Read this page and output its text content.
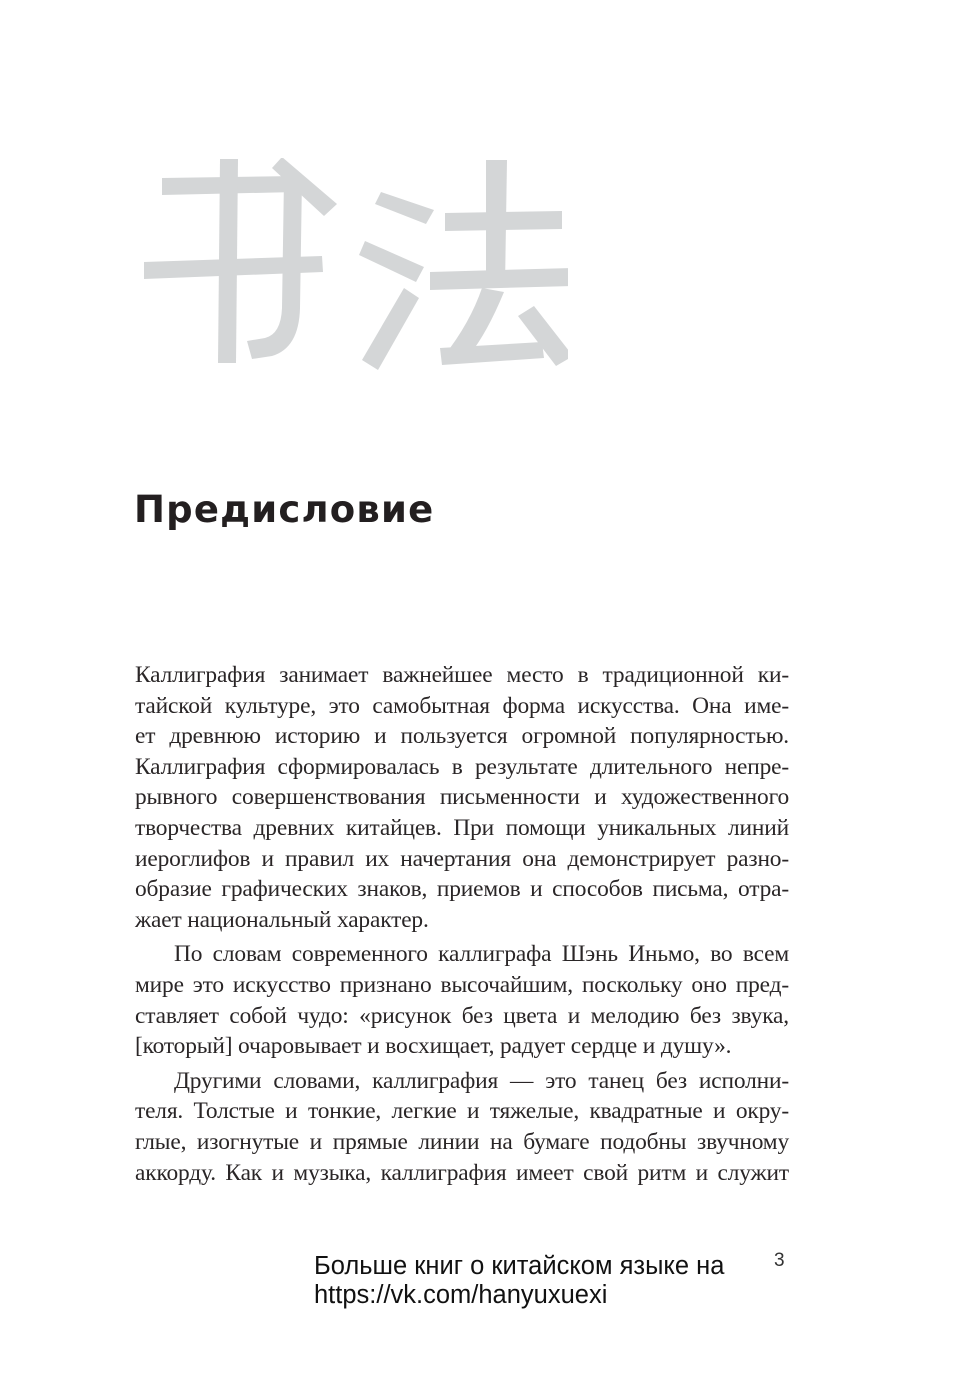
Предисловие

Каллиграфия занимает важнейшее место в традиционной ки-
тайской культуре, это самобытная форма искусства. Она име-
ет древнюю историю и пользуется огромной популярностью.
Каллиграфия сформировалась в результате длительного непре-
рывного совершенствования письменности и художественного
творчества древних китайцев. При помощи уникальных линий
иероглифов и правил их начертания она демонстрирует разно-
образие графических знаков, приемов и способов письма, отра-
жает национальный характер.

По словам современного каллиграфа Шэнь Иньмо, во всем
мире это искусство признано высочайшим, поскольку оно пред-
ставляет собой чудо: «рисунок без цвета и мелодию без звука,
[который] очаровывает и восхищает, радует сердце и душу».

Другими словами, каллиграфия — это танец без исполни-
теля. Толстые и тонкие, легкие и тяжелые, квадратные и окру-
глые, изогнутые и прямые линии на бумаге подобны звучному
аккорду. Как и музыка, каллиграфия имеет свой ритм и служит

Больше книг о китайском языке на
https://vk.com/hanyuxuexi
3
